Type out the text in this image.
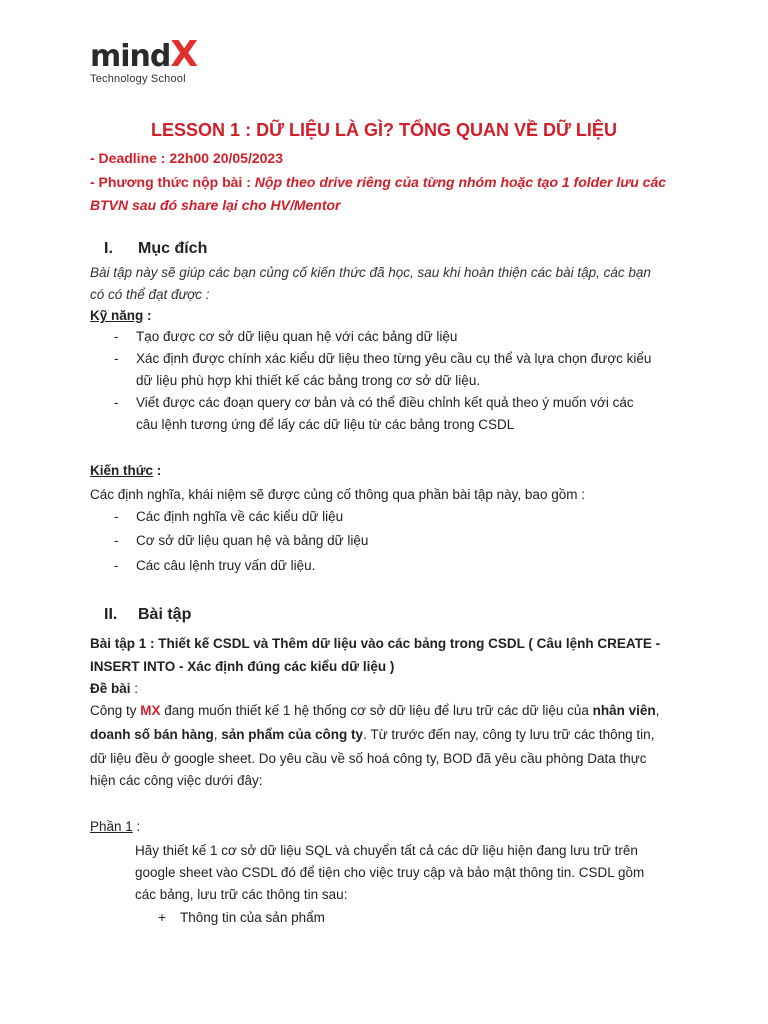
mindX
Technology School
LESSON 1 : DỮ LIỆU LÀ GÌ? TỔNG QUAN VỀ DỮ LIỆU
- Deadline : 22h00 20/05/2023
- Phương thức nộp bài : Nộp theo drive riêng của từng nhóm hoặc tạo 1 folder lưu các
BTVN sau đó share lại cho HV/Mentor
I. Mục đích
Bài tập này sẽ giúp các bạn củng cố kiến thức đã học, sau khi hoàn thiện các bài tập, các bạn
có có thể đạt được :
Kỹ năng :
- Tạo được cơ sở dữ liệu quan hệ với các bảng dữ liệu
- Xác định được chính xác kiểu dữ liệu theo từng yêu cầu cụ thể và lựa chọn được kiểu
dữ liệu phù hợp khi thiết kế các bảng trong cơ sở dữ liệu.
- Viết được các đoạn query cơ bản và có thể điều chỉnh kết quả theo ý muốn với các
câu lệnh tương ứng để lấy các dữ liệu từ các bảng trong CSDL
Kiến thức :
Các định nghĩa, khái niệm sẽ được củng cố thông qua phần bài tập này, bao gồm :
- Các định nghĩa về các kiểu dữ liệu
- Cơ sở dữ liệu quan hệ và bảng dữ liệu
- Các câu lệnh truy vấn dữ liệu.
II. Bài tập
Bài tập 1 : Thiết kế CSDL và Thêm dữ liệu vào các bảng trong CSDL ( Câu lệnh CREATE -
INSERT INTO - Xác định đúng các kiểu dữ liệu )
Đề bài :
Công ty MX đang muốn thiết kế 1 hệ thống cơ sở dữ liệu để lưu trữ các dữ liệu của nhân viên,
doanh số bán hàng, sản phẩm của công ty. Từ trước đến nay, công ty lưu trữ các thông tin,
dữ liệu đều ở google sheet. Do yêu cầu về số hoá công ty, BOD đã yêu cầu phòng Data thực
hiện các công việc dưới đây:
Phần 1 :
Hãy thiết kế 1 cơ sở dữ liệu SQL và chuyển tất cả các dữ liệu hiện đang lưu trữ trên
google sheet vào CSDL đó để tiện cho việc truy cập và bảo mật thông tin. CSDL gồm
các bảng, lưu trữ các thông tin sau:
+ Thông tin của sản phẩm
